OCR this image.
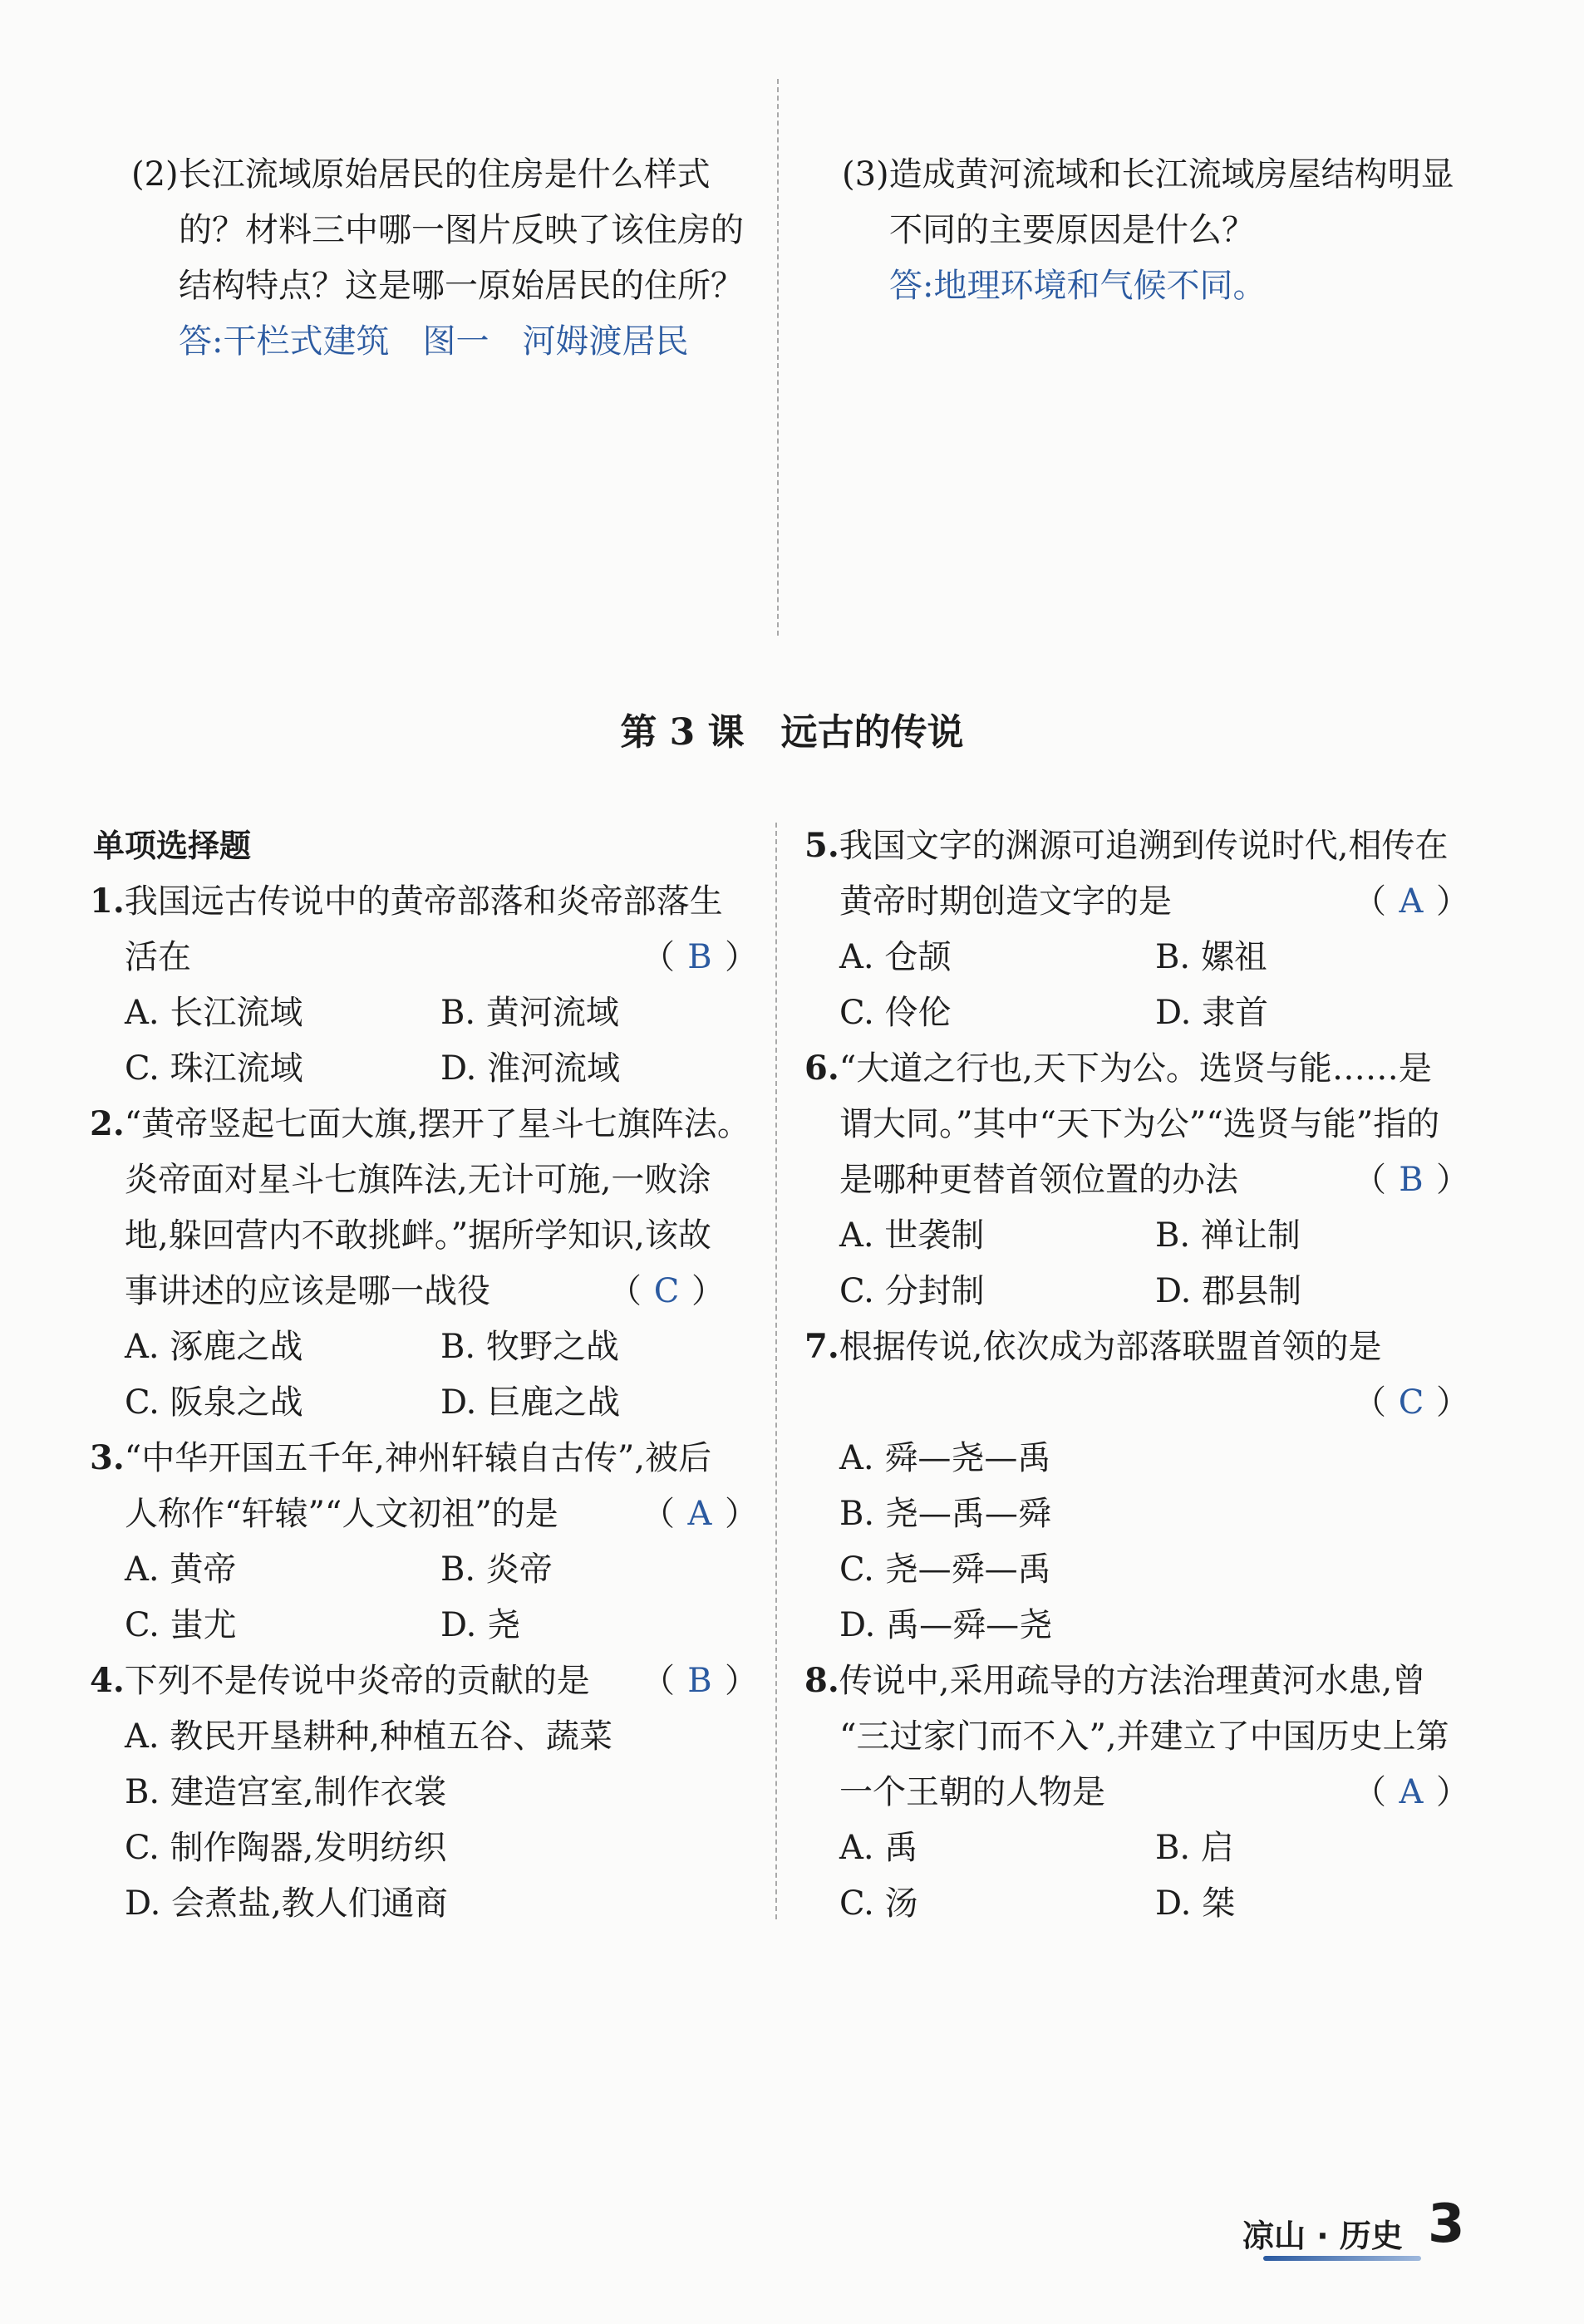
(2)长江流域原始居民的住房是什么样式
的？材料三中哪一图片反映了该住房的
结构特点？这是哪一原始居民的住所？
答:干栏式建筑　图一　河姆渡居民
(3)造成黄河流域和长江流域房屋结构明显
不同的主要原因是什么？
答:地理环境和气候不同。
第 3 课　远古的传说
单项选择题
1.我国远古传说中的黄帝部落和炎帝部落生
活在	（ B ）
A. 长江流域	B. 黄河流域
C. 珠江流域	D. 淮河流域
2.“黄帝竖起七面大旗,摆开了星斗七旗阵法。
炎帝面对星斗七旗阵法,无计可施,一败涂
地,躲回营内不敢挑衅。”据所学知识,该故
事讲述的应该是哪一战役	（ C ）
A. 涿鹿之战	B. 牧野之战
C. 阪泉之战	D. 巨鹿之战
3.“中华开国五千年,神州轩辕自古传”,被后
人称作“轩辕”“人文初祖”的是	（ A ）
A. 黄帝	B. 炎帝
C. 蚩尤	D. 尧
4.下列不是传说中炎帝的贡献的是 （ B ）
A. 教民开垦耕种,种植五谷、蔬菜
B. 建造宫室,制作衣裳
C. 制作陶器,发明纺织
D. 会煮盐,教人们通商
5.我国文字的渊源可追溯到传说时代,相传在
黄帝时期创造文字的是	（ A ）
A. 仓颉	B. 嫘祖
C. 伶伦	D. 隶首
6.“大道之行也,天下为公。选贤与能……是
谓大同。”其中“天下为公”“选贤与能”指的
是哪种更替首领位置的办法	（ B ）
A. 世袭制	B. 禅让制
C. 分封制	D. 郡县制
7.根据传说,依次成为部落联盟首领的是
（ C ）
A. 舜—尧—禹
B. 尧—禹—舜
C. 尧—舜—禹
D. 禹—舜—尧
8.传说中,采用疏导的方法治理黄河水患,曾
“三过家门而不入”,并建立了中国历史上第
一个王朝的人物是	（ A ）
A. 禹	B. 启
C. 汤	D. 桀
凉山 · 历史 3
